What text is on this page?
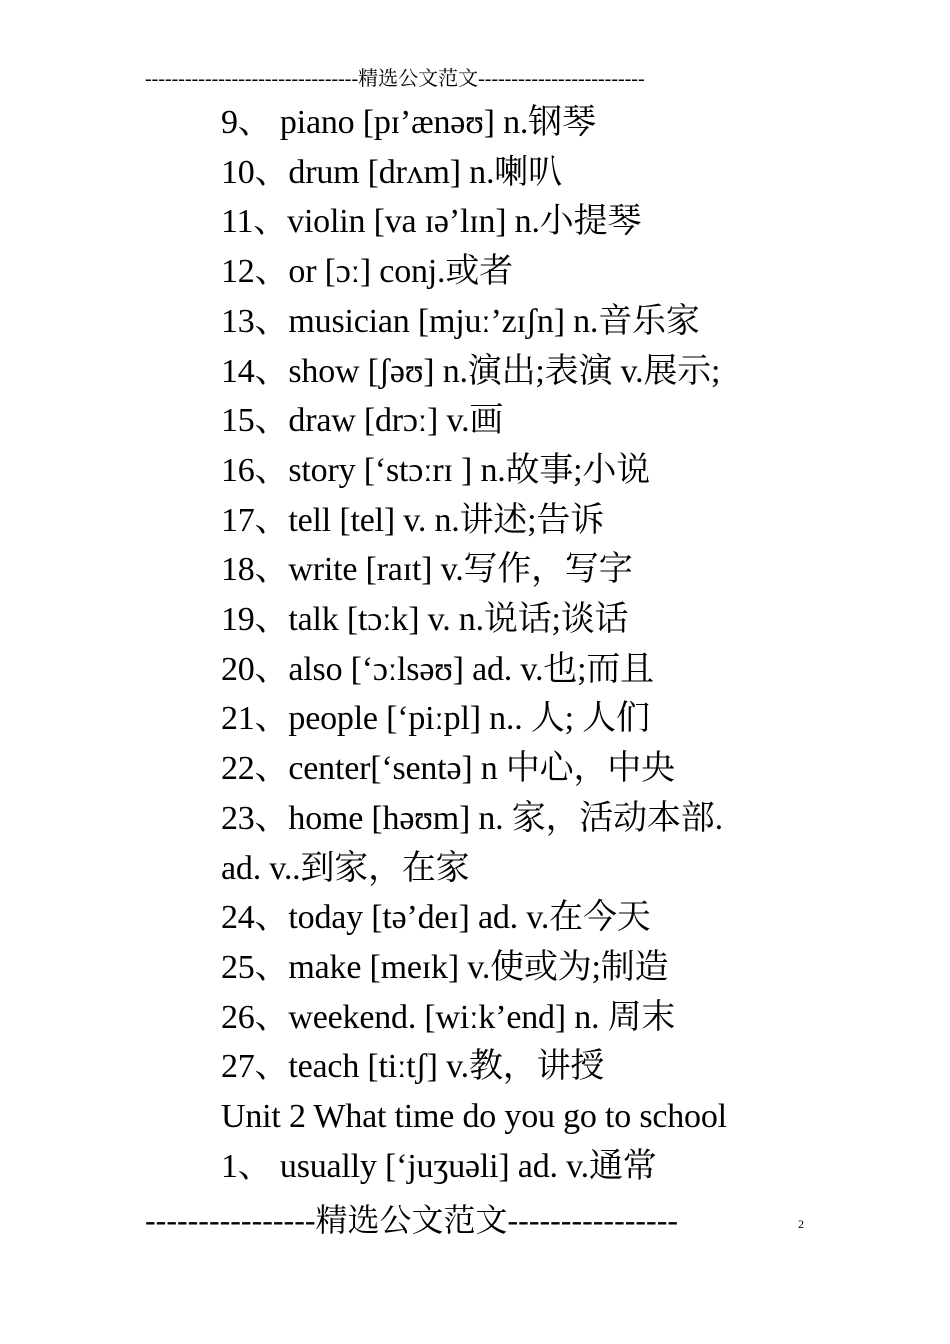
--------------------------------精选公文范文-------------------------
9、 piano [pɪ’ænəʊ] n.钢琴
10、drum [drʌm] n.喇叭
11、violin [va ɪə’lɪn] n.小提琴
12、or [ɔː] conj.或者
13、musician [mjuː’zɪʃn] n.音乐家
14、show [ʃəʊ] n.演出;表演 v.展示;
15、draw [drɔː] v.画
16、story [‘stɔːrɪ ] n.故事;小说
17、tell [tel] v. n.讲述;告诉
18、write [raɪt] v.写作，写字
19、talk [tɔːk] v. n.说话;谈话
20、also [‘ɔːlsəʊ] ad. v.也;而且
21、people [‘piːpl] n.. 人; 人们
22、center[‘sentə] n 中心，中央
23、home [həʊm] n. 家，活动本部.
ad. v..到家，在家
24、today [tə’deɪ] ad. v.在今天
25、make [meɪk] v.使或为;制造
26、weekend. [wiːk’end] n. 周末
27、teach [tiːtʃ] v.教，讲授
Unit 2 What time do you go to school
1、 usually [‘juʒuəli] ad. v.通常
----------------精选公文范文----------------	2
